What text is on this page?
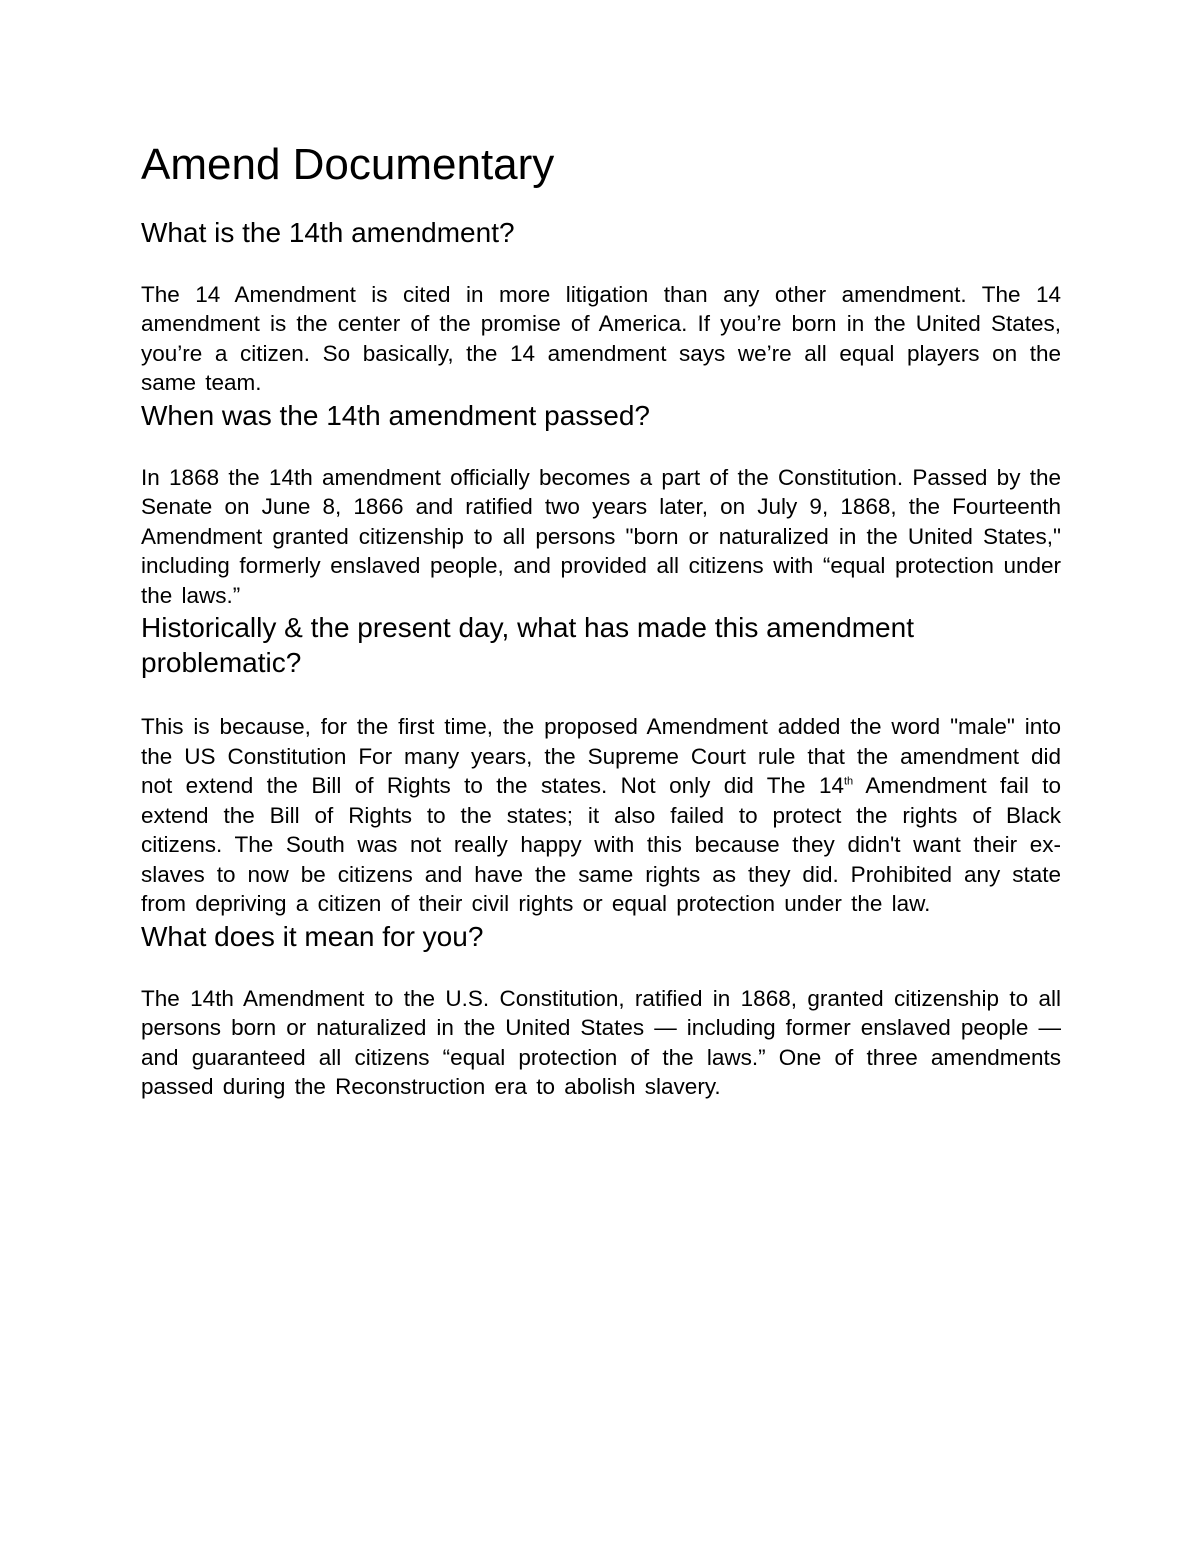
Amend Documentary
What is the 14th amendment?

The 14 Amendment is cited in more litigation than any other amendment. The 14 amendment is the center of the promise of America. If you’re born in the United States, you’re a citizen. So basically, the 14 amendment says we’re all equal players on the same team.

When was the 14th amendment passed?

In 1868 the 14th amendment officially becomes a part of the Constitution. Passed by the Senate on June 8, 1866 and ratified two years later, on July 9, 1868, the Fourteenth Amendment granted citizenship to all persons "born or naturalized in the United States," including formerly enslaved people, and provided all citizens with “equal protection under the laws.”

Historically & the present day, what has made this amendment problematic?

This is because, for the first time, the proposed Amendment added the word "male" into the US Constitution For many years, the Supreme Court rule that the amendment did not extend the Bill of Rights to the states. Not only did The 14th Amendment fail to extend the Bill of Rights to the states; it also failed to protect the rights of Black citizens. The South was not really happy with this because they didn't want their ex-slaves to now be citizens and have the same rights as they did. Prohibited any state from depriving a citizen of their civil rights or equal protection under the law.

What does it mean for you?

The 14th Amendment to the U.S. Constitution, ratified in 1868, granted citizenship to all persons born or naturalized in the United States — including former enslaved people — and guaranteed all citizens “equal protection of the laws.” One of three amendments passed during the Reconstruction era to abolish slavery.
